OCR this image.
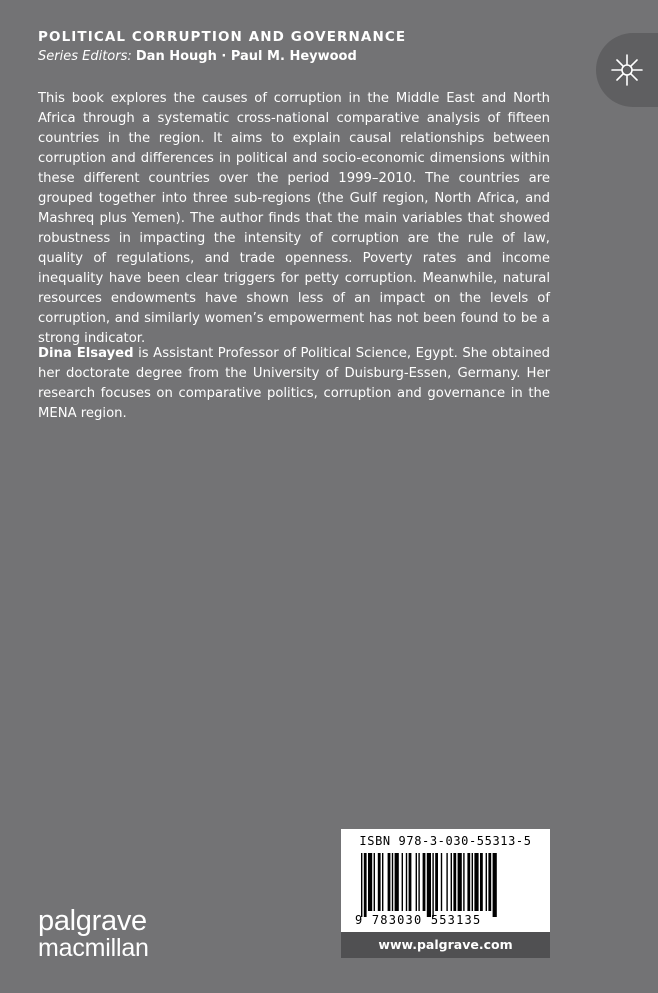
POLITICAL CORRUPTION AND GOVERNANCE
Series Editors: Dan Hough · Paul M. Heywood

This book explores the causes of corruption in the Middle East and North Africa through a systematic cross-national comparative analysis of fifteen countries in the region. It aims to explain causal relationships between corruption and differences in political and socio-economic dimensions within these different countries over the period 1999–2010. The countries are grouped together into three sub-regions (the Gulf region, North Africa, and Mashreq plus Yemen). The author finds that the main variables that showed robustness in impacting the intensity of corruption are the rule of law, quality of regulations, and trade openness. Poverty rates and income inequality have been clear triggers for petty corruption. Meanwhile, natural resources endowments have shown less of an impact on the levels of corruption, and similarly women’s empowerment has not been found to be a strong indicator.

Dina Elsayed is Assistant Professor of Political Science, Egypt. She obtained her doctorate degree from the University of Duisburg-Essen, Germany. Her research focuses on comparative politics, corruption and governance in the MENA region.

ISBN 978-3-030-55313-5
9 783030 553135
www.palgrave.com
palgrave
macmillan
